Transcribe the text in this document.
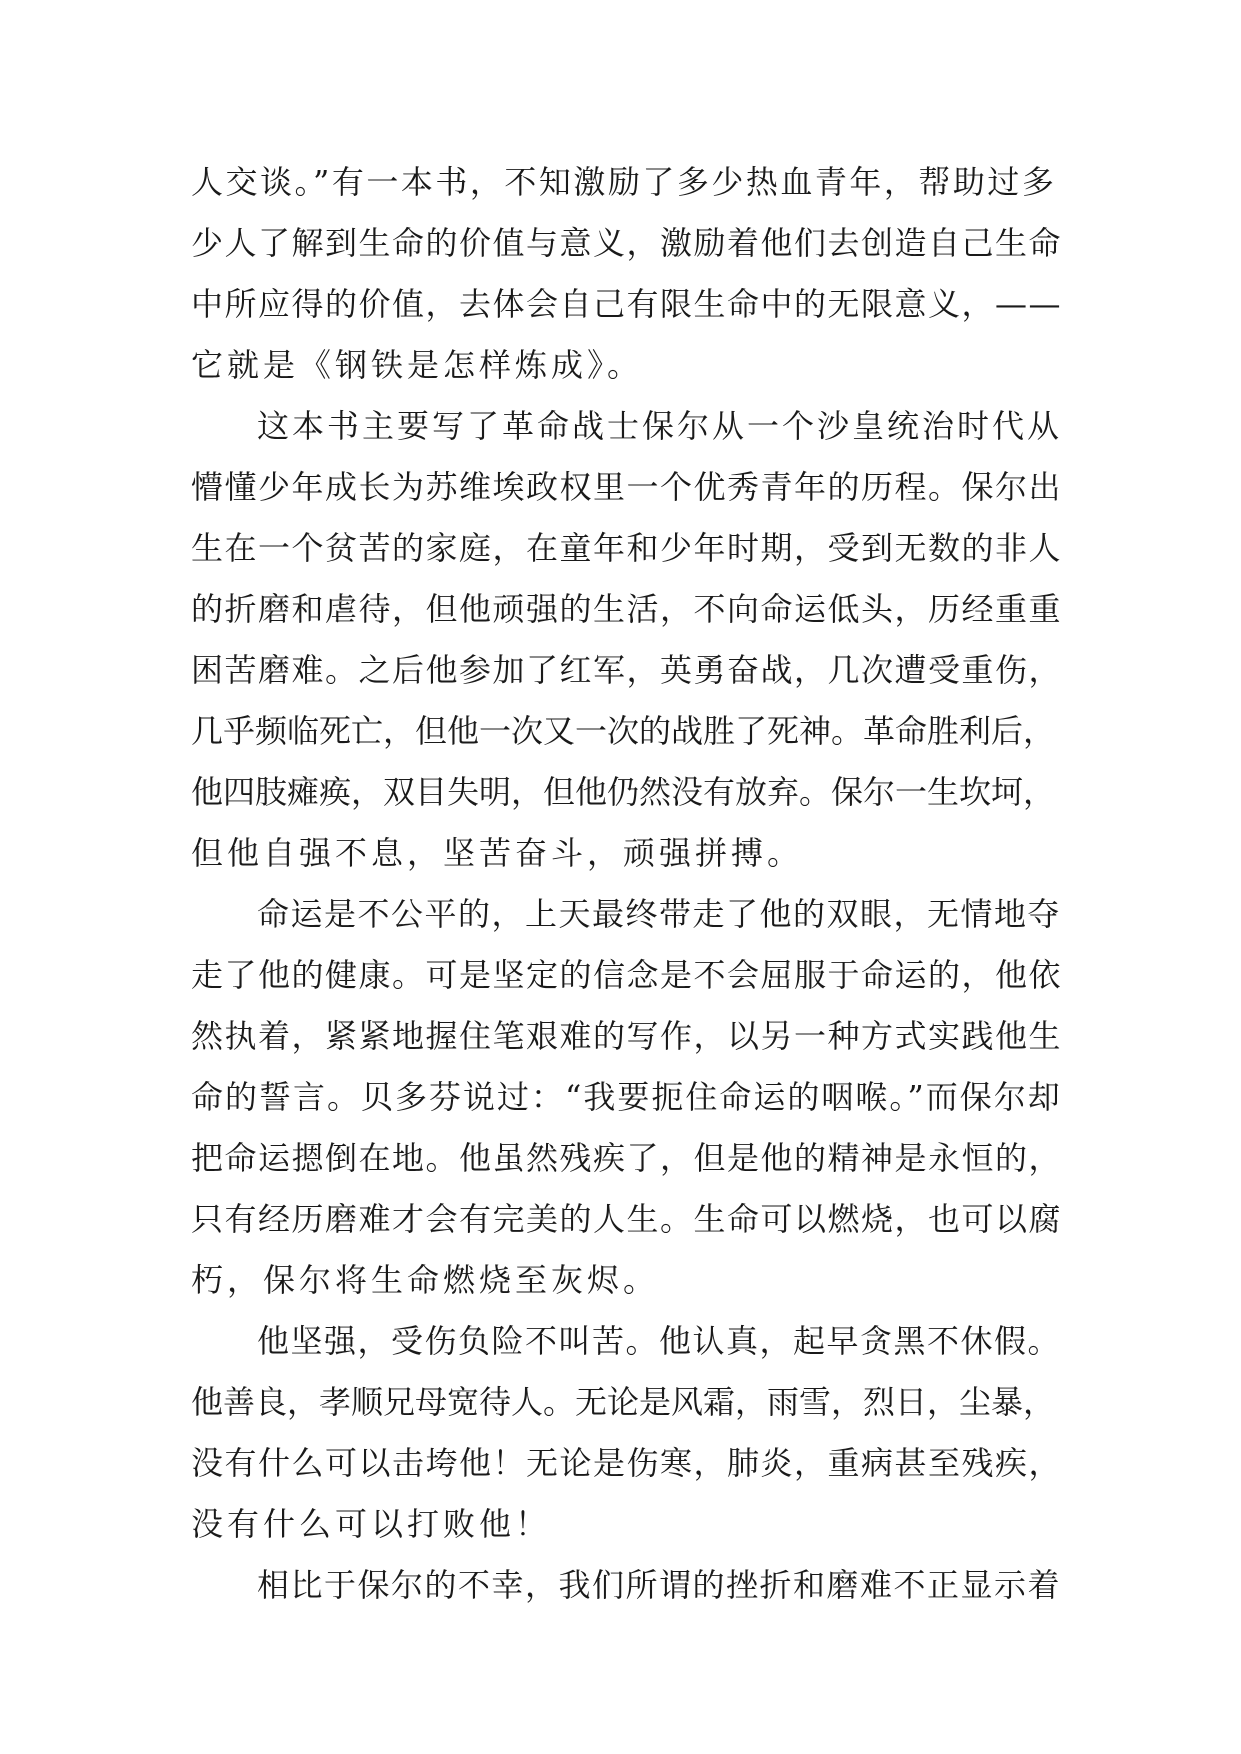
人交谈。”有一本书，不知激励了多少热血青年，帮助过多
少人了解到生命的价值与意义，激励着他们去创造自己生命
中所应得的价值，去体会自己有限生命中的无限意义，——
它就是《钢铁是怎样炼成》。
这本书主要写了革命战士保尔从一个沙皇统治时代从
懵懂少年成长为苏维埃政权里一个优秀青年的历程。保尔出
生在一个贫苦的家庭，在童年和少年时期，受到无数的非人
的折磨和虐待，但他顽强的生活，不向命运低头，历经重重
困苦磨难。之后他参加了红军，英勇奋战，几次遭受重伤，
几乎频临死亡，但他一次又一次的战胜了死神。革命胜利后，
他四肢瘫痪，双目失明，但他仍然没有放弃。保尔一生坎坷，
但他自强不息，坚苦奋斗，顽强拼搏。
命运是不公平的，上天最终带走了他的双眼，无情地夺
走了他的健康。可是坚定的信念是不会屈服于命运的，他依
然执着，紧紧地握住笔艰难的写作，以另一种方式实践他生
命的誓言。贝多芬说过：“我要扼住命运的咽喉。”而保尔却
把命运摁倒在地。他虽然残疾了，但是他的精神是永恒的，
只有经历磨难才会有完美的人生。生命可以燃烧，也可以腐
朽，保尔将生命燃烧至灰烬。
他坚强，受伤负险不叫苦。他认真，起早贪黑不休假。
他善良，孝顺兄母宽待人。无论是风霜，雨雪，烈日，尘暴，
没有什么可以击垮他！无论是伤寒，肺炎，重病甚至残疾，
没有什么可以打败他！
相比于保尔的不幸，我们所谓的挫折和磨难不正显示着
